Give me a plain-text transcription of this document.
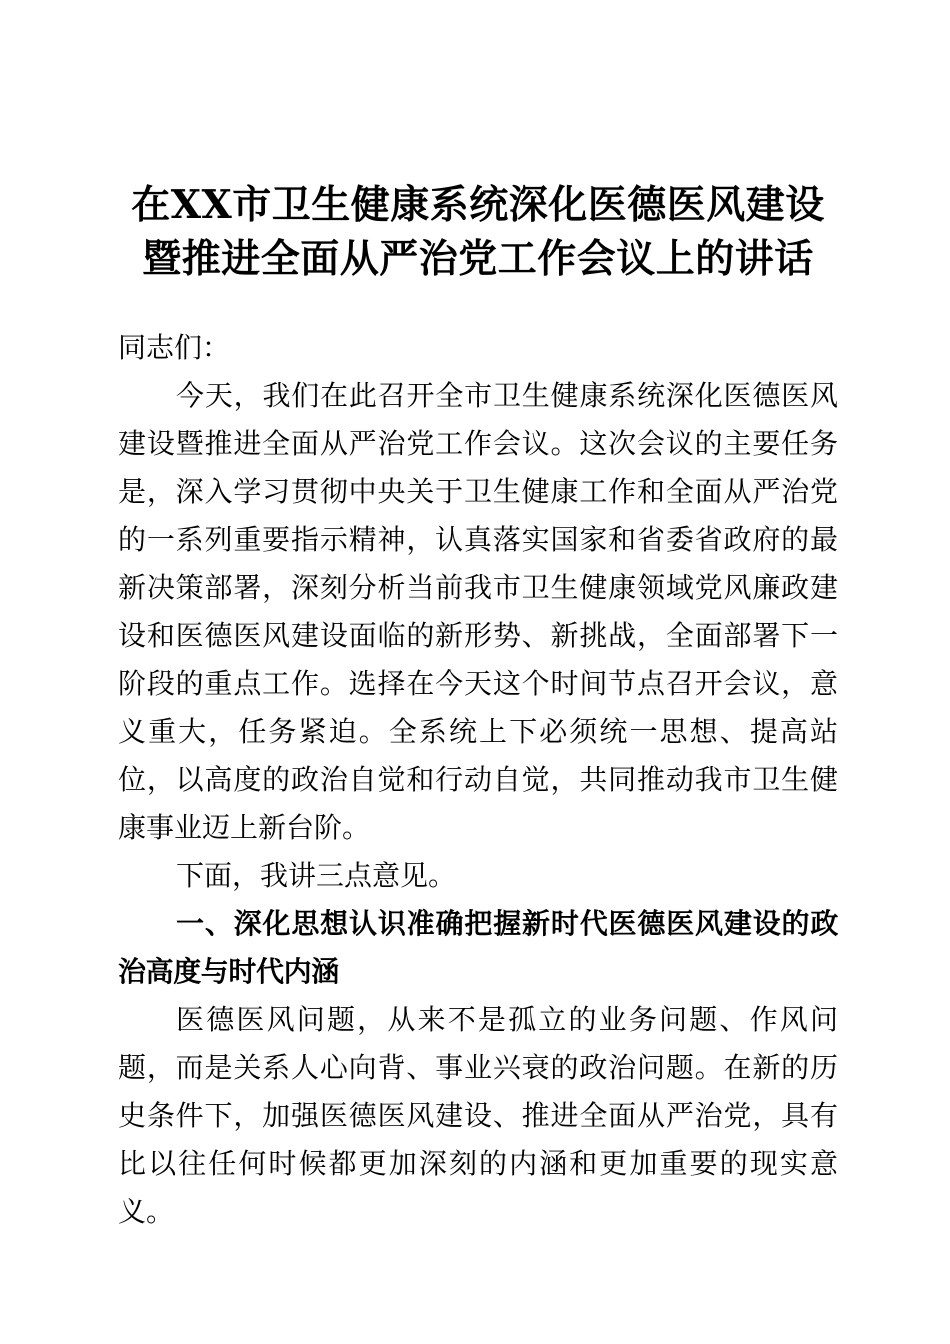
在XX市卫生健康系统深化医德医风建设
暨推进全面从严治党工作会议上的讲话

同志们：

今天，我们在此召开全市卫生健康系统深化医德医风建设暨推进全面从严治党工作会议。这次会议的主要任务是，深入学习贯彻中央关于卫生健康工作和全面从严治党的一系列重要指示精神，认真落实国家和省委省政府的最新决策部署，深刻分析当前我市卫生健康领域党风廉政建设和医德医风建设面临的新形势、新挑战，全面部署下一阶段的重点工作。选择在今天这个时间节点召开会议，意义重大，任务紧迫。全系统上下必须统一思想、提高站位，以高度的政治自觉和行动自觉，共同推动我市卫生健康事业迈上新台阶。

下面，我讲三点意见。

一、深化思想认识准确把握新时代医德医风建设的政治高度与时代内涵

医德医风问题，从来不是孤立的业务问题、作风问题，而是关系人心向背、事业兴衰的政治问题。在新的历史条件下，加强医德医风建设、推进全面从严治党，具有比以往任何时候都更加深刻的内涵和更加重要的现实意义。
